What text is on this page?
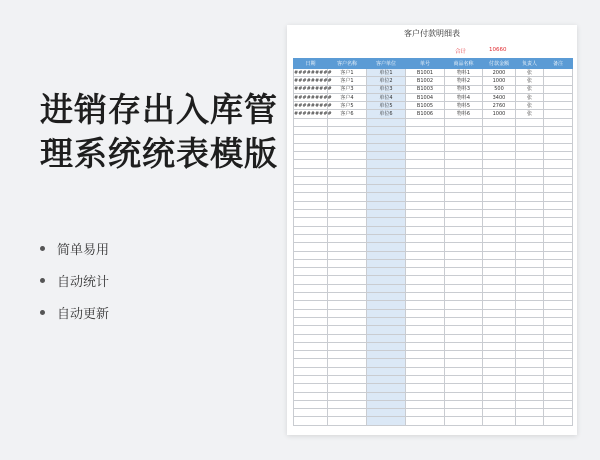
进销存出入库管
理系统统表模版
简单易用
自动统计
自动更新
客户付款明细表
合计	10660
日期	客户名称	客户单位	单号	商品名称	付款金额	负责人	备注
#########	客户1	单位1	B1001	物料1	2000	张	
#########	客户1	单位2	B1002	物料2	1000	张	
#########	客户3	单位3	B1003	物料3	500	张	
#########	客户4	单位4	B1004	物料4	3400	张	
#########	客户5	单位5	B1005	物料5	2760	张	
#########	客户6	单位6	B1006	物料6	1000	张	
